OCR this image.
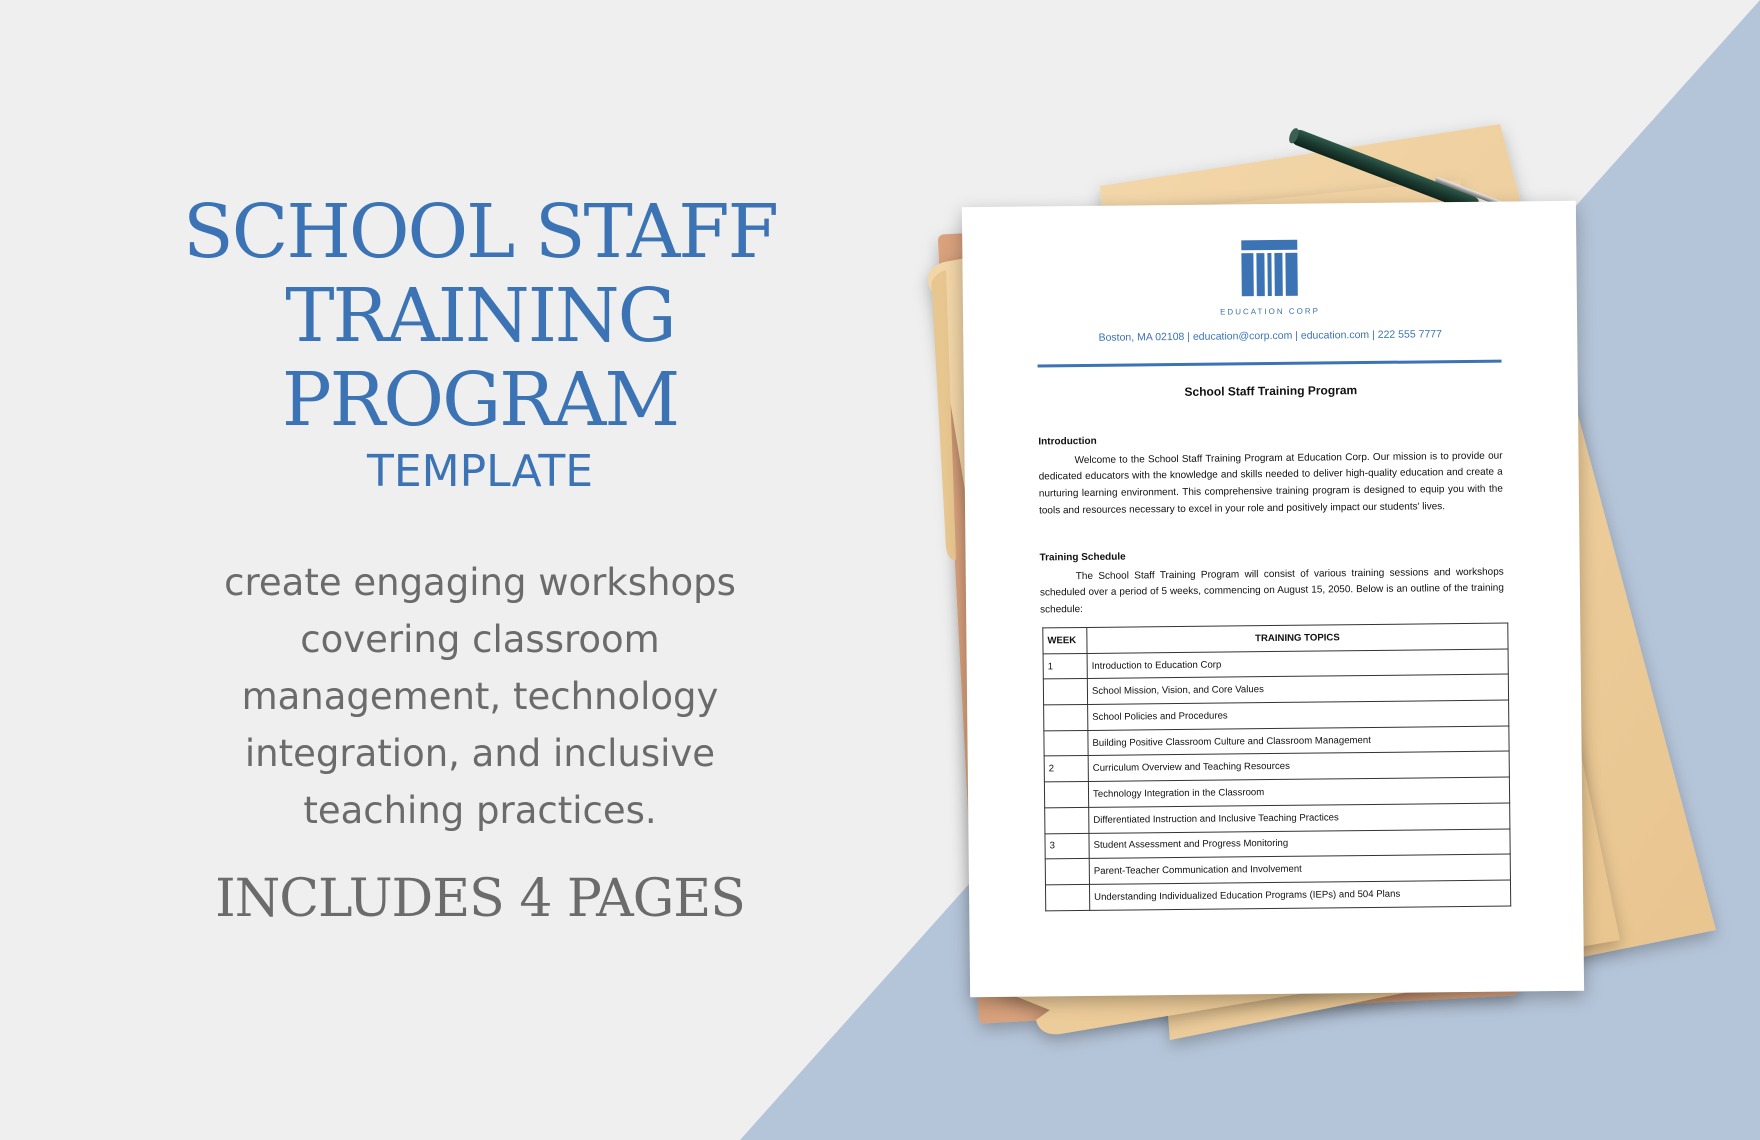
SCHOOL STAFF
TRAINING
PROGRAM
TEMPLATE
create engaging workshops
covering classroom
management, technology
integration, and inclusive
teaching practices.
INCLUDES 4 PAGES
EDUCATION CORP
Boston, MA 02108 | education@corp.com | education.com | 222 555 7777
School Staff Training Program
Introduction

Welcome to the School Staff Training Program at Education Corp. Our mission is to provide our dedicated educators with the knowledge and skills needed to deliver high-quality education and create a nurturing learning environment. This comprehensive training program is designed to equip you with the tools and resources necessary to excel in your role and positively impact our students' lives.

Training Schedule

The School Staff Training Program will consist of various training sessions and workshops scheduled over a period of 5 weeks, commencing on August 15, 2050. Below is an outline of the training schedule:

WEEK	TRAINING TOPICS
1	Introduction to Education Corp
	School Mission, Vision, and Core Values
	School Policies and Procedures
	Building Positive Classroom Culture and Classroom Management
2	Curriculum Overview and Teaching Resources
	Technology Integration in the Classroom
	Differentiated Instruction and Inclusive Teaching Practices
3	Student Assessment and Progress Monitoring
	Parent-Teacher Communication and Involvement
	Understanding Individualized Education Programs (IEPs) and 504 Plans
